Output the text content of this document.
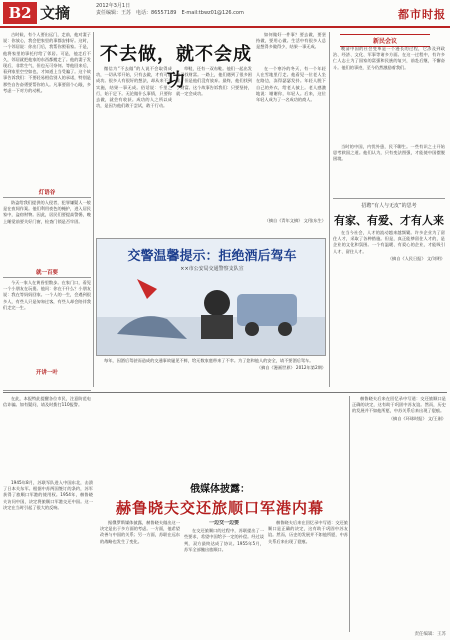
B2 文摘	2012年3月1日
责任编辑：王苏　电话：86557189　E-mail:tbwz01@126.com	都市时报

古时候，有个人要出远门，走前，他对妻子说：你放心，我会把家里的事都安排好。这时，一个邻居说：你出门后，我帮你照看家。于是，他将家里的事托付给了邻居。可是，他走后不久，邻居就把他家的东西都搬走了。他的妻子发现后，非常生气，但也无可奈何。等他回来后，看到家里空空如也，才知道上当受骗了。这个故事告诉我们：不要轻易相信别人的承诺，特别是那些自告奋勇要帮你的人。凡事要留个心眼，多考虑一下对方的动机。

灯语谷

防盗给我们提供的入侵者，犯罪嫌疑人一般是在夜间作案。他们利用夜色的掩护，进入居民家中，盗窃财物。因此，居民们要提高警惕，晚上睡觉前要关好门窗，检查门锁是否牢固。

就一百要

今天一家人在黄昏里散步。在家门口，看见一个小朋友在玩耍。他问：你在干什么？小朋友说：我在等妈妈回家。一个人的一生，会遇到很多人，有些人只是匆匆过客，有些人却会陪伴我们走完一生。

开讲一叶
不去做，就不会成功

微信为“不去做”的人说不会取得成功，一切从零开始，只有去做，才有可能成功。很多人有很好的想法，却从来不去实施，结果一事无成。俗话说：千里之行，始于足下。无论做什么事情，只要你去做，就会有收获。成功的人之所以成功，是因为他们敢于尝试，敢于行动。

草鞋，还有一双布鞋。他们一起出发去寻找财富。一路上，他们遇到了很多困难，但是他们没有放弃。最终，他们找到了财富。这个故事告诉我们：只要坚持，就一定会成功。

在一个寒冷的冬天，有一个年轻人在雪地里行走。他看见一位老人坐在路边，冻得瑟瑟发抖。年轻人脱下自己的外衣，给老人披上。老人感激地说：谢谢你，年轻人。后来，这位年轻人成为了一名成功的商人。

（摘自《青年文摘》 文/张东生）

如何做好一件事？要去做，要坚持做，要用心做。生活中有很多人总是想得多做得少，结果一事无成。

交警温馨提示：拒绝酒后驾车
××市公安局交通警察支队宣

每年，因酒后驾驶而造成的交通事故屡见不鲜，给无数家庭带来了不幸。为了您和他人的安全，请不要酒后驾车。

（摘自《漫画世界》 2012年第2期）
新民会议

晚清中国的社会变革是一个漫长的过程，它涉及到政治、经济、文化、军事等诸多方面。在这一过程中，有许多仁人志士为了国家的富强和民族的复兴，前赴后继，不懈奋斗。他们的事迹，至今仍然激励着我们。

当时的中国，内忧外患，民不聊生。一些有识之士开始思考救国之道。他们认为，只有变法图强，才能使中国摆脱困境。

招聘“有人与无皮”的思考
有家、有爱、才有人来

在当今社会，人才的流动越来越频繁。许多企业为了留住人才，采取了各种措施。但是，真正能够留住人才的，是企业的文化和氛围。一个有温暖、有爱心的企业，才能吸引人才、留住人才。

（摘自《人民日报》 文/刘明）

在此，本报特此提醒各位市民，注意防范电信诈骗。如有疑问，请及时拨打110报警。

俄媒体披露：
赫鲁晓夫交还旅顺口军港内幕

1945年8月，苏联军队进入中国东北，击溃了日本关东军。根据中苏两国签订的条约，苏军获得了旅顺口军港的使用权。1954年，赫鲁晓夫访问中国，决定将旅顺口军港交还中国。这一决定在当时引起了很大的反响。

据俄罗斯媒体披露，赫鲁晓夫做出这一决定是出于多方面的考虑。一方面，他希望改善与中国的关系；另一方面，苏联在远东的战略也发生了变化。

一边交一边要

在交还旅顺口的过程中，苏联提出了一些要求，希望中国给予一定的补偿。经过谈判，双方最终达成了协议。1955年5月，苏军全部撤出旅顺口。

赫鲁晓夫后来在回忆录中写道：交还旅顺口是正确的决定，这有助于巩固中苏友谊。然而，历史的发展并不如他所愿，中苏关系后来出现了裂痕。

赫鲁晓夫后来在回忆录中写道：交还旅顺口是正确的决定，这有助于巩固中苏友谊。然而，历史的发展并不如他所愿，中苏关系后来出现了裂痕。

（摘自《环球时报》 文/王刚）
责任编辑：王苏
